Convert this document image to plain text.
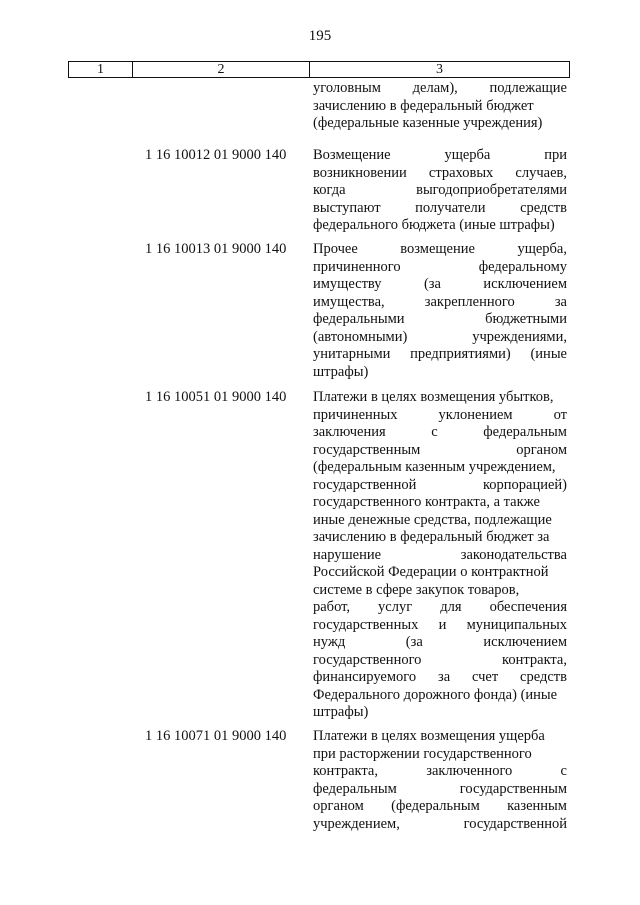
195
1	2	3
уголовным делам), подлежащие
зачислению в федеральный бюджет
(федеральные казенные учреждения)
1 16 10012 01 9000 140 Возмещение	ущерба	при
возникновении страховых случаев,
когда	выгодоприобретателями
выступают получатели средств
федерального бюджета (иные штрафы)
1 16 10013 01 9000 140 Прочее	возмещение	ущерба,
причиненного	федеральному
имуществу	(за	исключением
имущества,	закрепленного	за
федеральными	бюджетными
(автономными)	учреждениями,
унитарными предприятиями) (иные
штрафы)
1 16 10051 01 9000 140 Платежи в целях возмещения убытков,
причиненных	уклонением	от
заключения	с	федеральным
государственным	органом
(федеральным казенным учреждением,
государственной	корпорацией)
государственного контракта, а также
иные денежные средства, подлежащие
зачислению в федеральный бюджет за
нарушение	законодательства
Российской Федерации о контрактной
системе в сфере закупок товаров,
работ, услуг для обеспечения
государственных и муниципальных
нужд	(за	исключением
государственного	контракта,
финансируемого за счет средств
Федерального дорожного фонда) (иные
штрафы)
1 16 10071 01 9000 140 Платежи в целях возмещения ущерба
при расторжении государственного
контракта,	заключенного	с
федеральным	государственным
органом (федеральным казенным
учреждением,	государственной
